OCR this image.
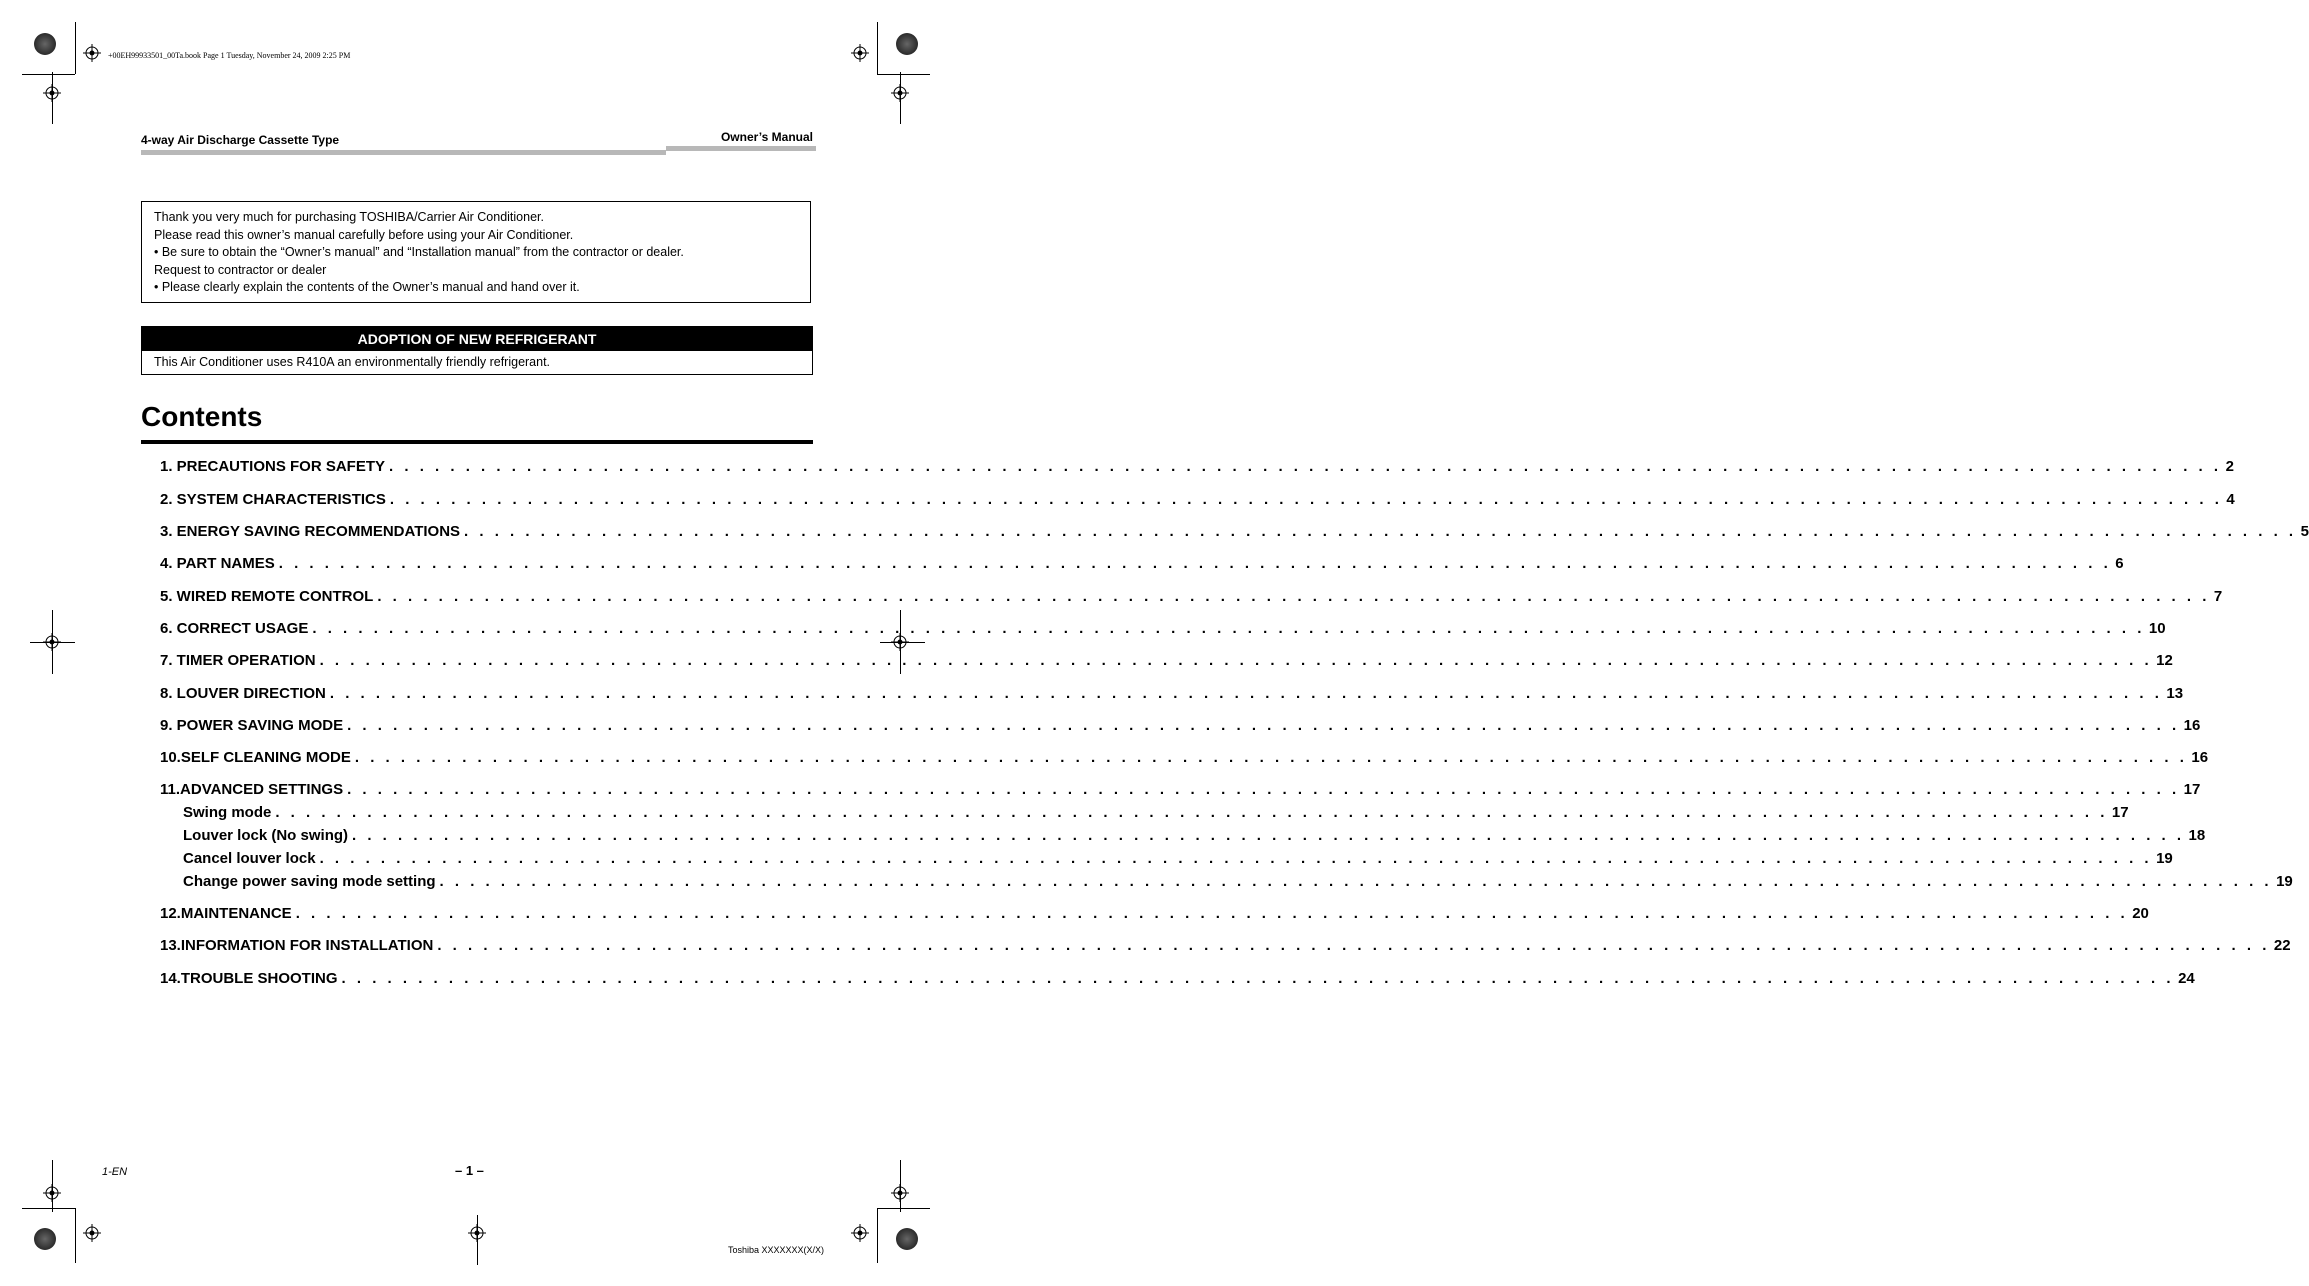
+00EH99933501_00Ta.book Page 1 Tuesday, November 24, 2009 2:25 PM
4-way Air Discharge Cassette Type	Owner’s Manual
Thank you very much for purchasing TOSHIBA/Carrier Air Conditioner.
Please read this owner’s manual carefully before using your Air Conditioner.
• Be sure to obtain the “Owner’s manual” and “Installation manual” from the contractor or dealer.
Request to contractor or dealer
• Please clearly explain the contents of the Owner’s manual and hand over it.
ADOPTION OF NEW REFRIGERANT
This Air Conditioner uses R410A an environmentally friendly refrigerant.
Contents
1. PRECAUTIONS FOR SAFETY . . . . . . . . . . . . . . . . . . . . . . . . . . . . . . . . . . . . . . . . . . . . . . . . . . . . . . . . . . . . . . . . . . . . . . . . . . . . . . . . . . . . . . . . . . . . . . . . . . . . . . . . . . . . . . . . . . . . . . . . 2
2. SYSTEM CHARACTERISTICS . . . . . . . . . . . . . . . . . . . . . . . . . . . . . . . . . . . . . . . . . . . . . . . . . . . . . . . . . . . . . . . . . . . . . . . . . . . . . . . . . . . . . . . . . . . . . . . . . . . . . . . . . . . . . . . . . . . . . . . . 4
3. ENERGY SAVING RECOMMENDATIONS . . . . . . . . . . . . . . . . . . . . . . . . . . . . . . . . . . . . . . . . . . . . . . . . . . . . . . . . . . . . . . . . . . . . . . . . . . . . . . . . . . . . . . . . . . . . . . . . . . . . . . . . . . . . . . . . . . . . . . . . 5
4. PART NAMES . . . . . . . . . . . . . . . . . . . . . . . . . . . . . . . . . . . . . . . . . . . . . . . . . . . . . . . . . . . . . . . . . . . . . . . . . . . . . . . . . . . . . . . . . . . . . . . . . . . . . . . . . . . . . . . . . . . . . . . . 6
5. WIRED REMOTE CONTROL . . . . . . . . . . . . . . . . . . . . . . . . . . . . . . . . . . . . . . . . . . . . . . . . . . . . . . . . . . . . . . . . . . . . . . . . . . . . . . . . . . . . . . . . . . . . . . . . . . . . . . . . . . . . . . . . . . . . . . . . 7
6. CORRECT USAGE . . . . . . . . . . . . . . . . . . . . . . . . . . . . . . . . . . . . . . . . . . . . . . . . . . . . . . . . . . . . . . . . . . . . . . . . . . . . . . . . . . . . . . . . . . . . . . . . . . . . . . . . . . . . . . . . . . . . . . . . 10
7. TIMER OPERATION . . . . . . . . . . . . . . . . . . . . . . . . . . . . . . . . . . . . . . . . . . . . . . . . . . . . . . . . . . . . . . . . . . . . . . . . . . . . . . . . . . . . . . . . . . . . . . . . . . . . . . . . . . . . . . . . . . . . . . . . 12
8. LOUVER DIRECTION . . . . . . . . . . . . . . . . . . . . . . . . . . . . . . . . . . . . . . . . . . . . . . . . . . . . . . . . . . . . . . . . . . . . . . . . . . . . . . . . . . . . . . . . . . . . . . . . . . . . . . . . . . . . . . . . . . . . . . . . 13
9. POWER SAVING MODE . . . . . . . . . . . . . . . . . . . . . . . . . . . . . . . . . . . . . . . . . . . . . . . . . . . . . . . . . . . . . . . . . . . . . . . . . . . . . . . . . . . . . . . . . . . . . . . . . . . . . . . . . . . . . . . . . . . . . . . . 16
10.SELF CLEANING MODE . . . . . . . . . . . . . . . . . . . . . . . . . . . . . . . . . . . . . . . . . . . . . . . . . . . . . . . . . . . . . . . . . . . . . . . . . . . . . . . . . . . . . . . . . . . . . . . . . . . . . . . . . . . . . . . . . . . . . . . . 16
11.ADVANCED SETTINGS . . . . . . . . . . . . . . . . . . . . . . . . . . . . . . . . . . . . . . . . . . . . . . . . . . . . . . . . . . . . . . . . . . . . . . . . . . . . . . . . . . . . . . . . . . . . . . . . . . . . . . . . . . . . . . . . . . . . . . . . 17
Swing mode . . . . . . . . . . . . . . . . . . . . . . . . . . . . . . . . . . . . . . . . . . . . . . . . . . . . . . . . . . . . . . . . . . . . . . . . . . . . . . . . . . . . . . . . . . . . . . . . . . . . . . . . . . . . . . . . . . . . . . . . 17
Louver lock (No swing) . . . . . . . . . . . . . . . . . . . . . . . . . . . . . . . . . . . . . . . . . . . . . . . . . . . . . . . . . . . . . . . . . . . . . . . . . . . . . . . . . . . . . . . . . . . . . . . . . . . . . . . . . . . . . . . . . . . . . . . . 18
Cancel louver lock . . . . . . . . . . . . . . . . . . . . . . . . . . . . . . . . . . . . . . . . . . . . . . . . . . . . . . . . . . . . . . . . . . . . . . . . . . . . . . . . . . . . . . . . . . . . . . . . . . . . . . . . . . . . . . . . . . . . . . . . 19
Change power saving mode setting . . . . . . . . . . . . . . . . . . . . . . . . . . . . . . . . . . . . . . . . . . . . . . . . . . . . . . . . . . . . . . . . . . . . . . . . . . . . . . . . . . . . . . . . . . . . . . . . . . . . . . . . . . . . . . . . . . . . . . . . 19
12.MAINTENANCE . . . . . . . . . . . . . . . . . . . . . . . . . . . . . . . . . . . . . . . . . . . . . . . . . . . . . . . . . . . . . . . . . . . . . . . . . . . . . . . . . . . . . . . . . . . . . . . . . . . . . . . . . . . . . . . . . . . . . . . . 20
13.INFORMATION FOR INSTALLATION . . . . . . . . . . . . . . . . . . . . . . . . . . . . . . . . . . . . . . . . . . . . . . . . . . . . . . . . . . . . . . . . . . . . . . . . . . . . . . . . . . . . . . . . . . . . . . . . . . . . . . . . . . . . . . . . . . . . . . . . 22
14.TROUBLE SHOOTING . . . . . . . . . . . . . . . . . . . . . . . . . . . . . . . . . . . . . . . . . . . . . . . . . . . . . . . . . . . . . . . . . . . . . . . . . . . . . . . . . . . . . . . . . . . . . . . . . . . . . . . . . . . . . . . . . . . . . . . . 24
1-EN	– 1 –
Toshiba XXXXXXX(X/X)
